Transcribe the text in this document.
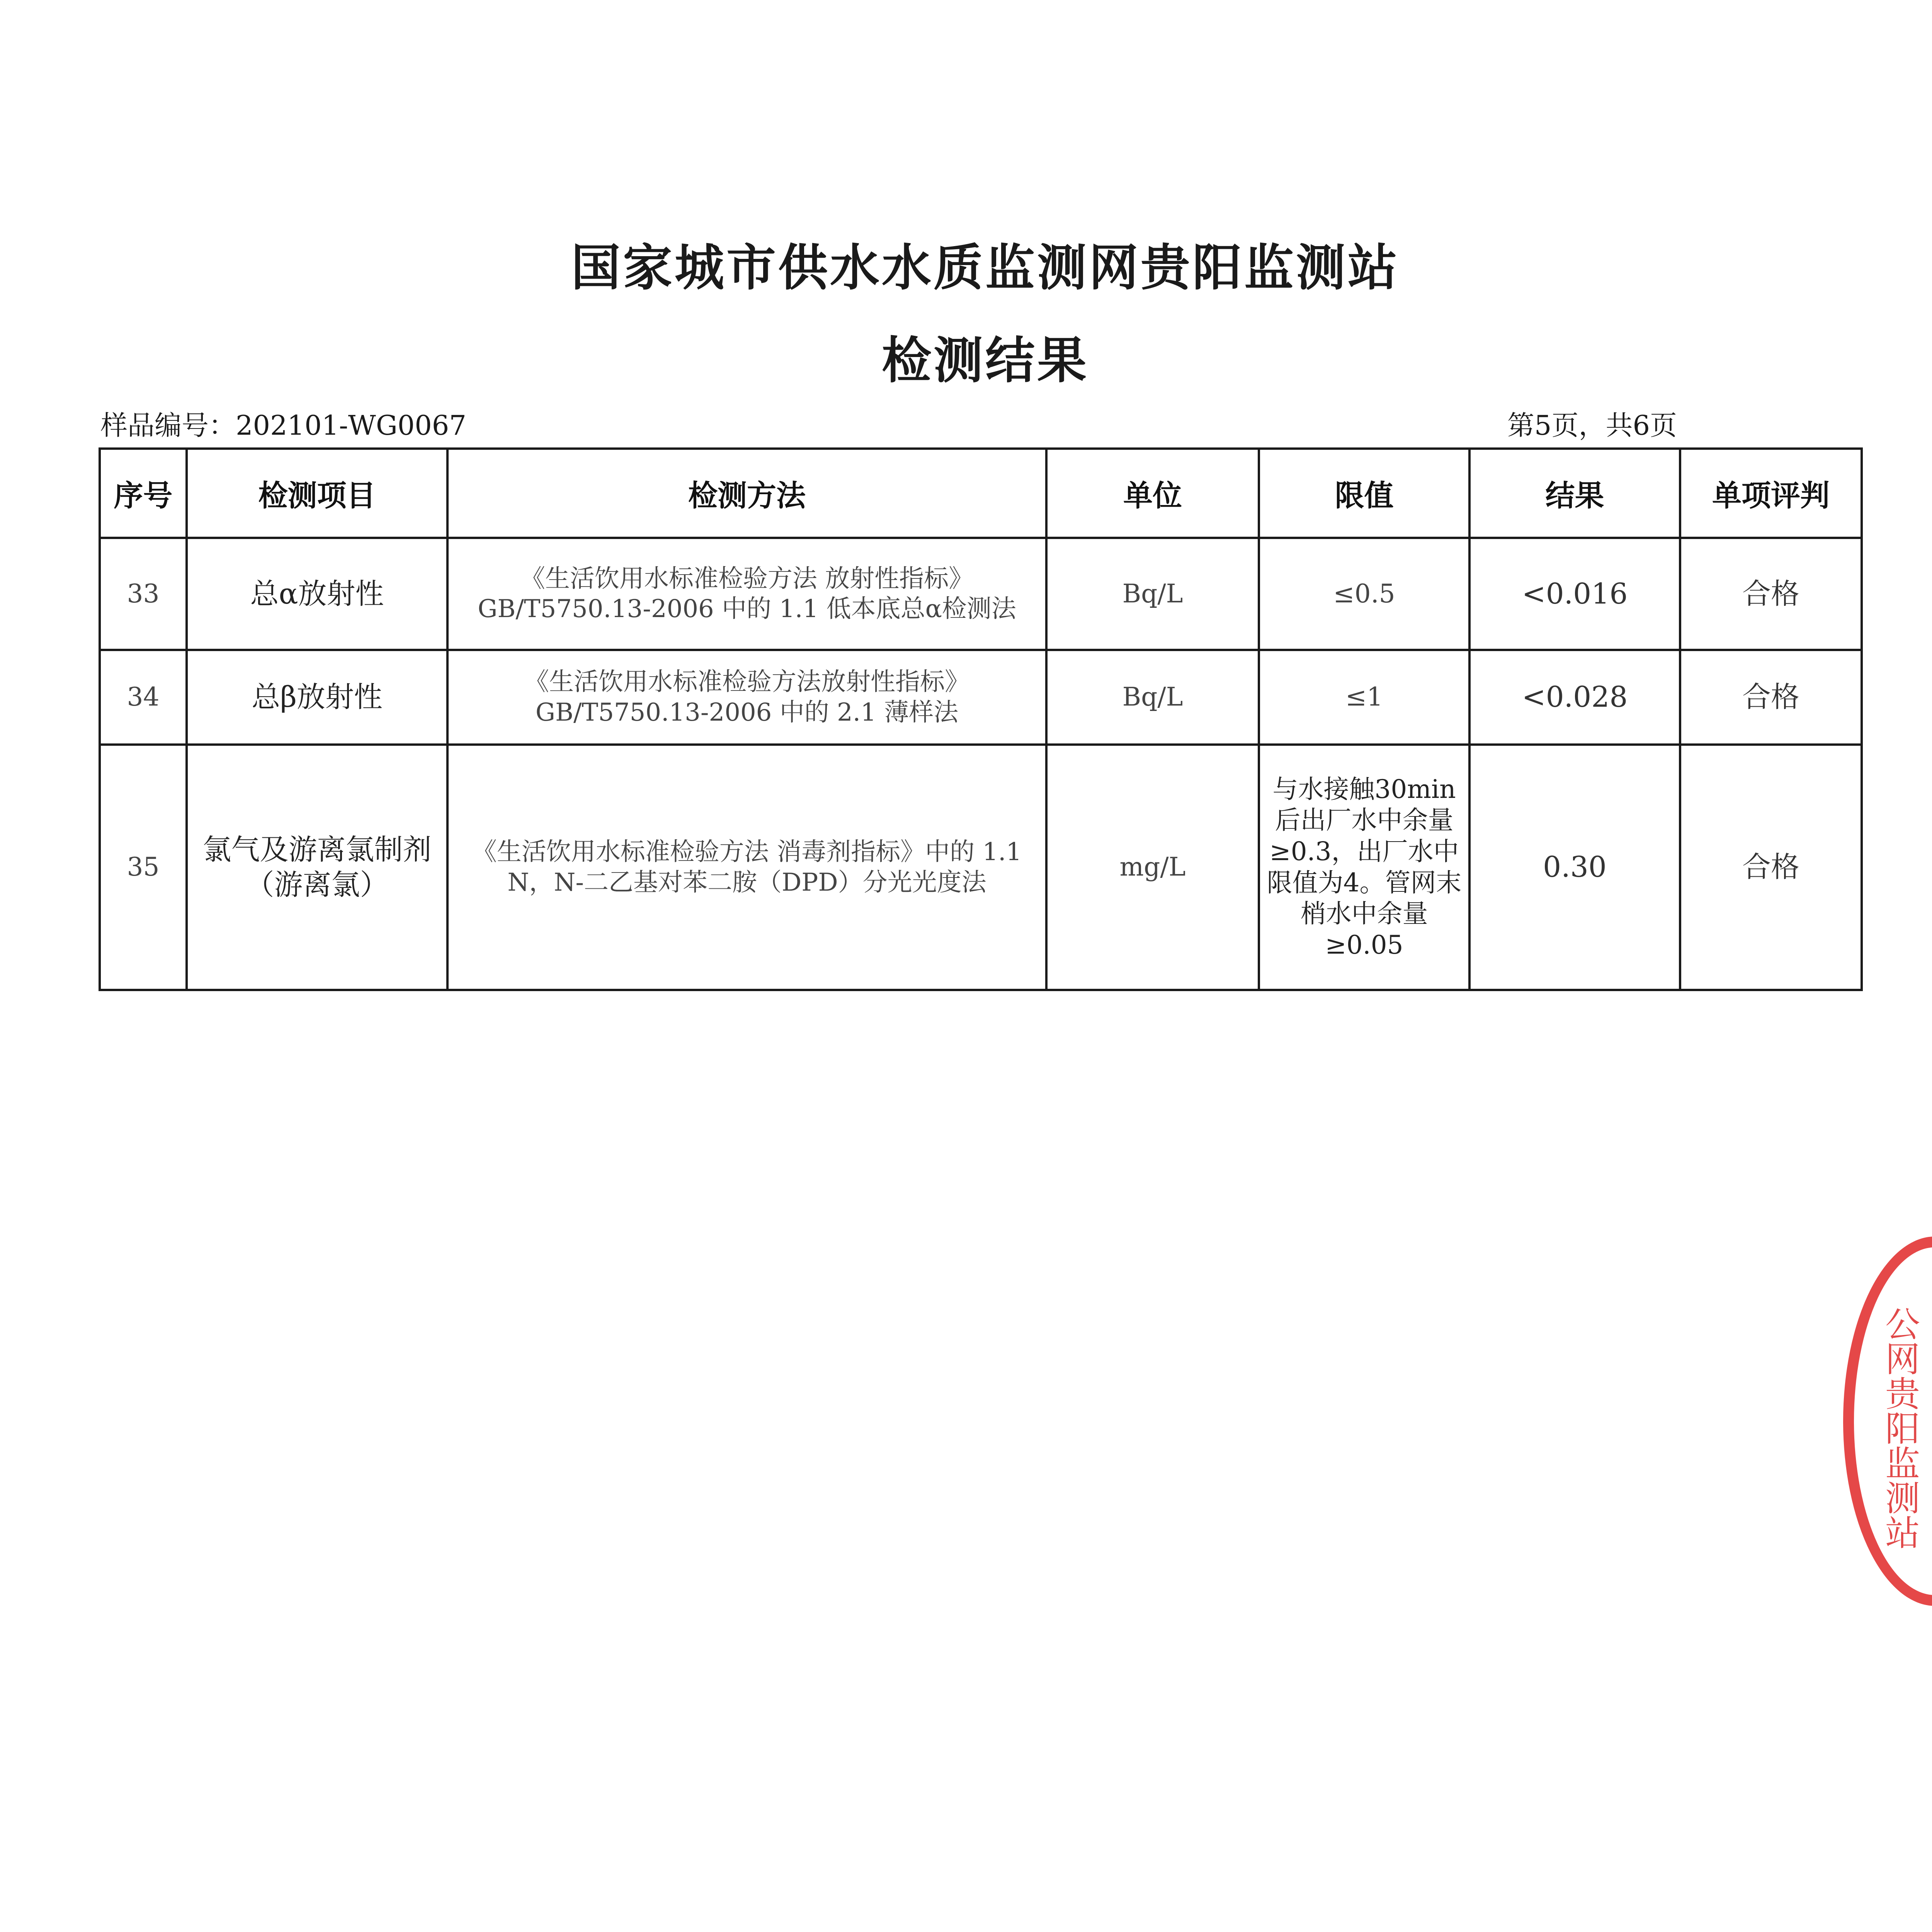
国家城市供水水质监测网贵阳监测站
检测结果
样品编号：202101-WG0067	第5页，共6页
序号	检测项目	检测方法	单位	限值	结果	单项评判
33	总α放射性	《生活饮用水标准检验方法 放射性指标》GB/T5750.13-2006 中的 1.1 低本底总α检测法	Bq/L	≤0.5	<0.016	合格
34	总β放射性	《生活饮用水标准检验方法放射性指标》GB/T5750.13-2006 中的 2.1 薄样法	Bq/L	≤1	<0.028	合格
35	氯气及游离氯制剂（游离氯）	《生活饮用水标准检验方法 消毒剂指标》中的 1.1 N，N-二乙基对苯二胺（DPD）分光光度法	mg/L	与水接触30min后出厂水中余量≥0.3，出厂水中限值为4。管网末梢水中余量≥0.05	0.30	合格
公网贵阳监测站
